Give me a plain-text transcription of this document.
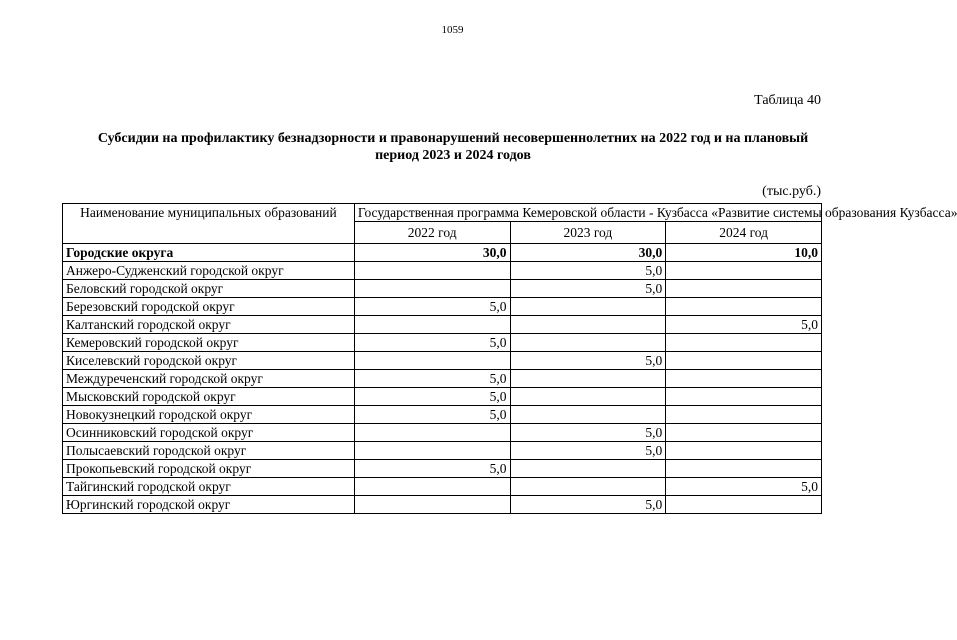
1059
Таблица 40
Субсидии на профилактику безнадзорности и правонарушений несовершеннолетних на 2022 год и на плановый
период 2023 и 2024 годов
(тыс.руб.)
Наименование муниципальных образований	Государственная программа Кемеровской области - Кузбасса «Развитие системы образования Кузбасса»		
	2022 год	2023 год	2024 год
Городские округа	30,0	30,0	10,0
Анжеро-Судженский городской округ		5,0	
Беловский городской округ		5,0	
Березовский городской округ	5,0		
Калтанский городской округ			5,0
Кемеровский городской округ	5,0		
Киселевский городской округ		5,0	
Междуреченский городской округ	5,0		
Мысковский городской округ	5,0		
Новокузнецкий городской округ	5,0		
Осинниковский городской округ		5,0	
Полысаевский городской округ		5,0	
Прокопьевский городской округ	5,0		
Тайгинский городской округ			5,0
Юргинский городской округ		5,0	
